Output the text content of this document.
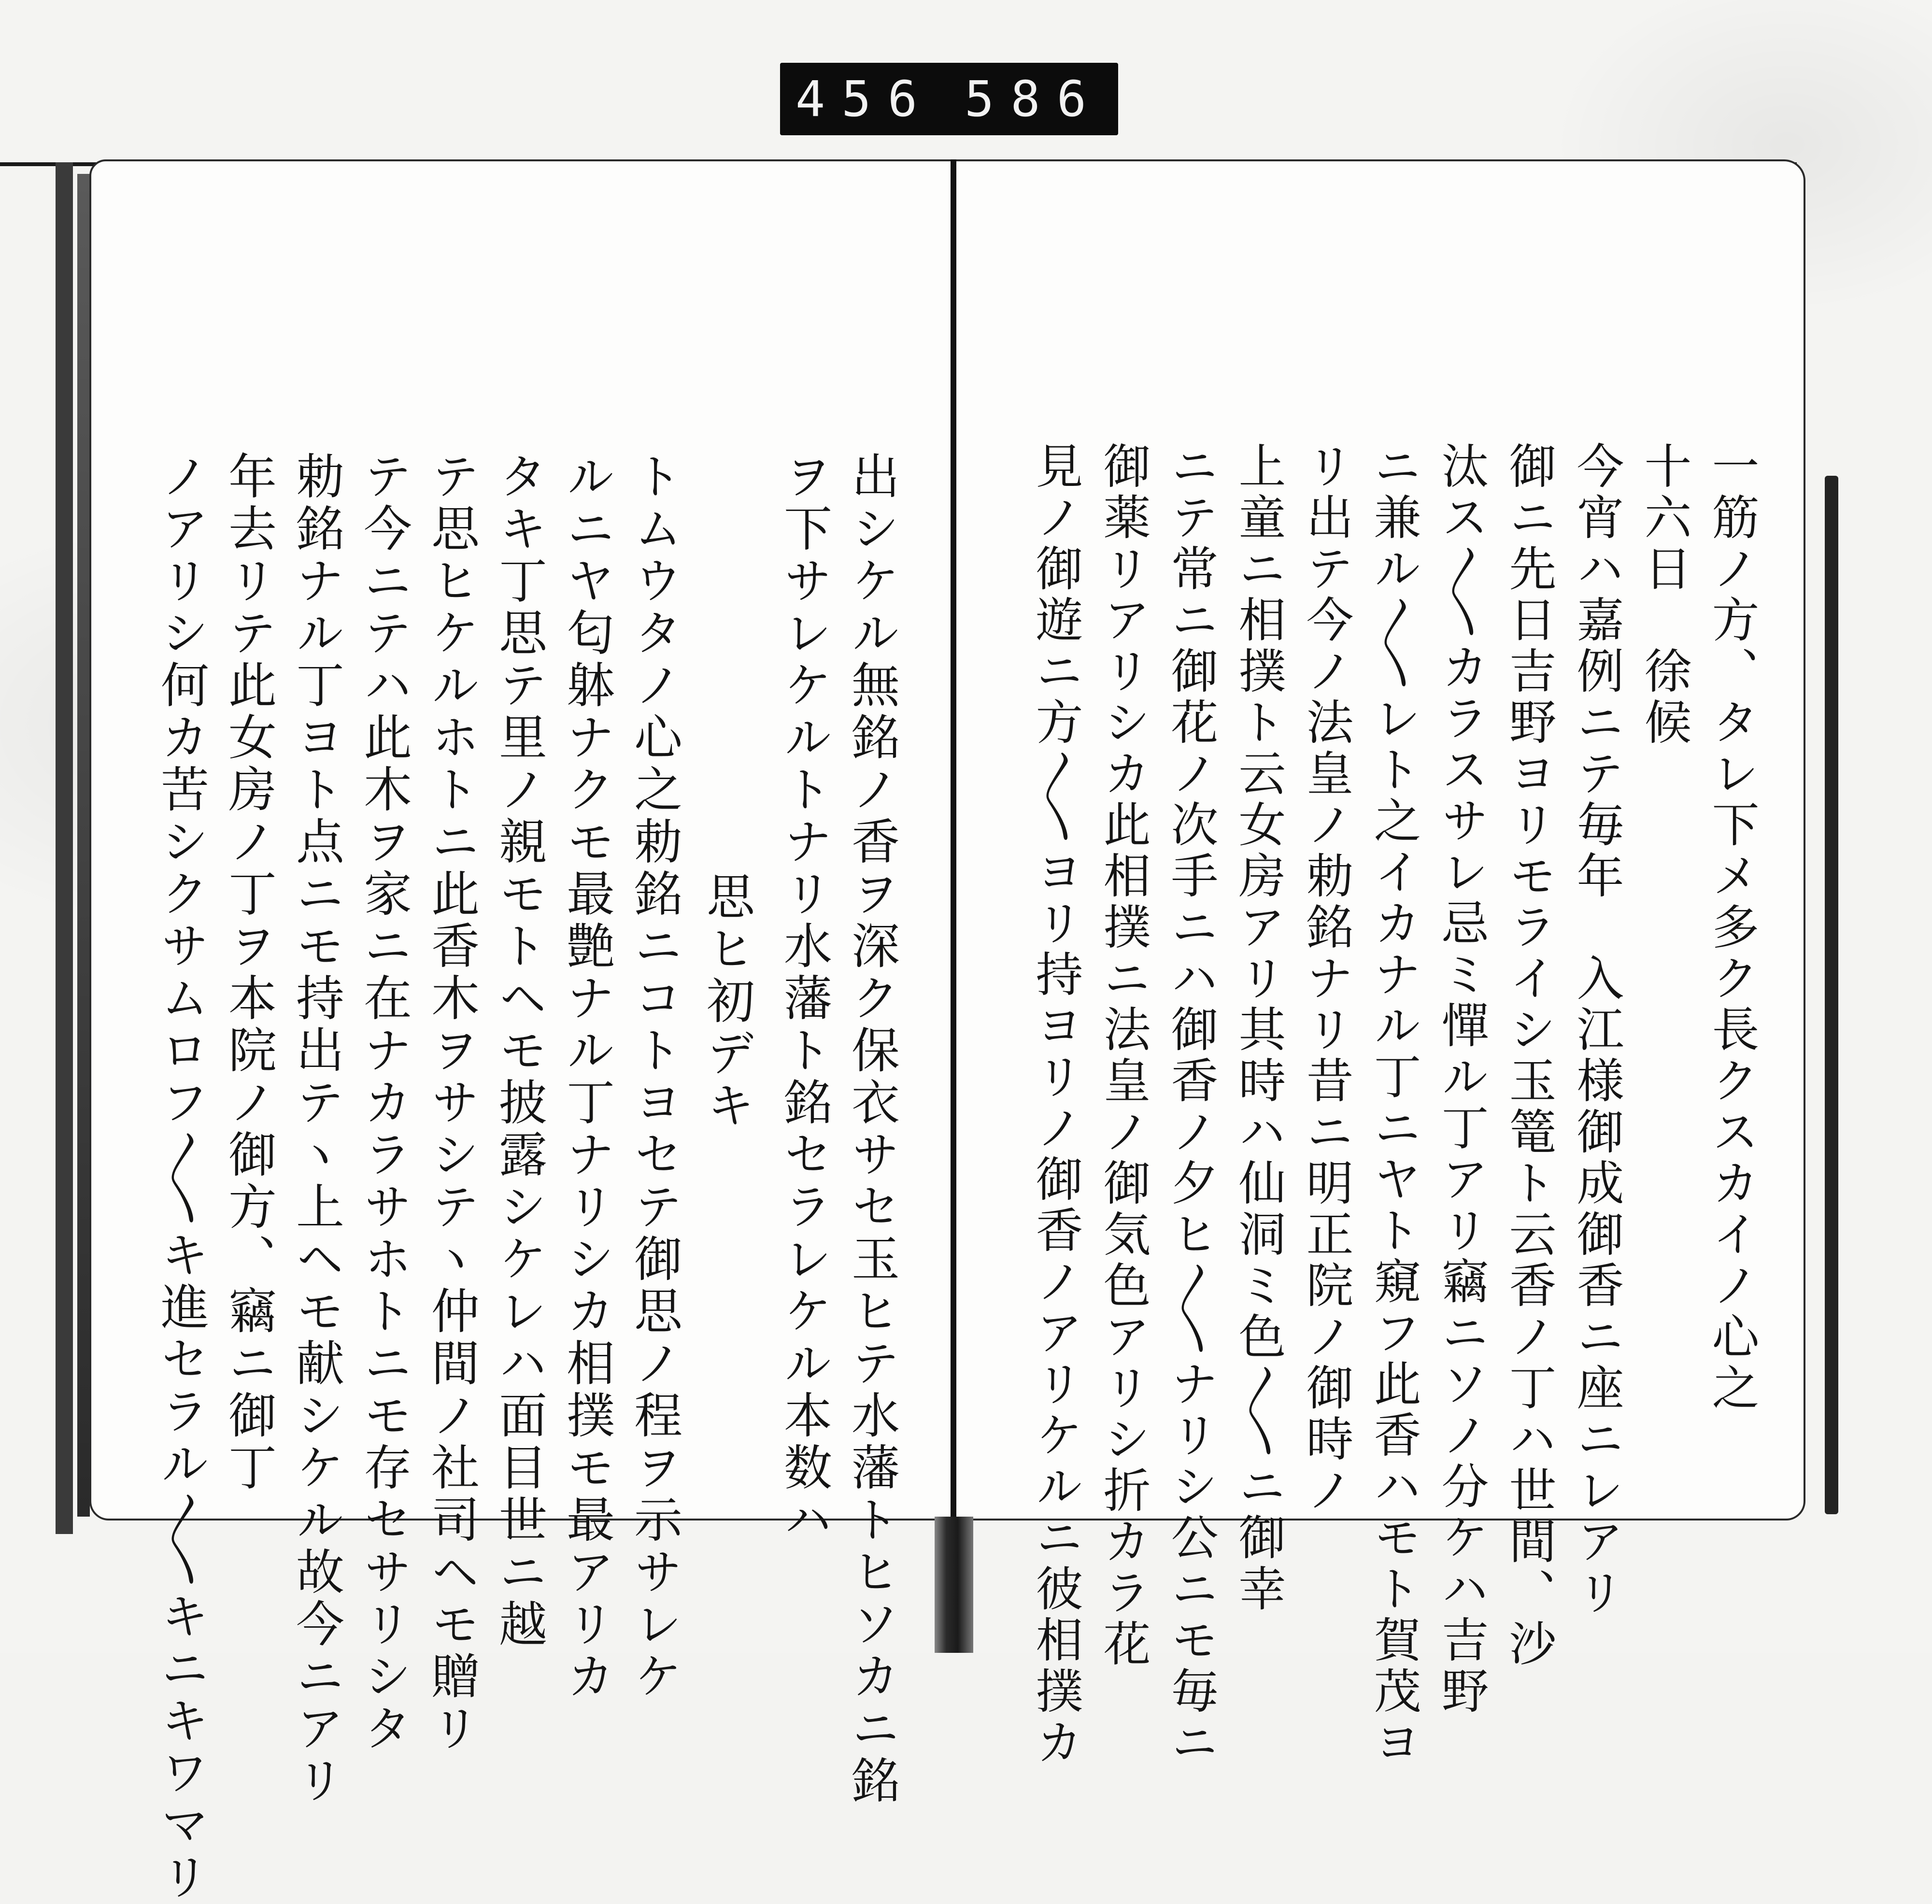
456 586
出シケル無銘ノ香ヲ深ク保衣サセ玉ヒテ水藩トヒソカニ銘
ヲ下サレケルトナリ水藩ト銘セラレケル本数ハ
思ヒ初デキ
トムウタノ心之勅銘ニコトヨセテ御思ノ程ヲ示サレケ
ルニヤ匂躰ナクモ最艶ナル丁ナリシカ相撲モ最アリカ
タキ丁思テ里ノ親モトヘモ披露シケレハ面目世ニ越
テ思ヒケルホトニ此香木ヲサシテヽ仲間ノ社司ヘモ贈リ
テ今ニテハ此木ヲ家ニ在ナカラサホトニモ存セサリシタ
勅銘ナル丁ヨト点ニモ持出テヽ上ヘモ献シケル故今ニアリ
年去リテ此女房ノ丁ヲ本院ノ御方、竊ニ御丁
ノアリシ何カ苦シクサムロフ〳〵キ進セラル〳〵キニキワマリ	一筋ノ方、タレ下メ多ク長クスカイノ心之
十六日　徐候
今宵ハ嘉例ニテ毎年　入江様御成御香ニ座ニレアリ
御ニ先日吉野ヨリモライシ玉篭ト云香ノ丁ハ世間、沙
汰ス〳〵カラスサレ忌ミ憚ル丁アリ竊ニソノ分ケハ吉野
ニ兼ル〳〵レト之イカナル丁ニヤト窺フ此香ハモト賀茂ヨ
リ出テ今ノ法皇ノ勅銘ナリ昔ニ明正院ノ御時ノ
上童ニ相撲ト云女房アリ其時ハ仙洞ミ色〳〵ニ御幸
ニテ常ニ御花ノ次手ニハ御香ノ夕ヒ〳〵ナリシ公ニモ毎ニ
御薬リアリシカ此相撲ニ法皇ノ御気色アリシ折カラ花
見ノ御遊ニ方〳〵ヨリ持ヨリノ御香ノアリケルニ彼相撲カ
